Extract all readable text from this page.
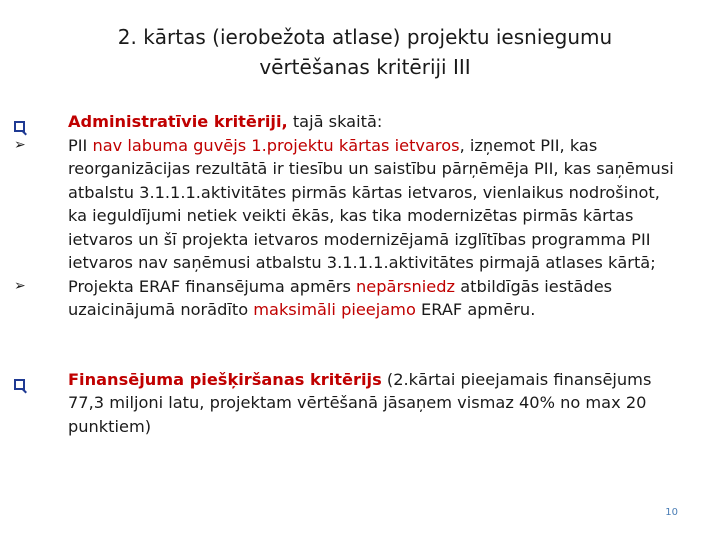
2. kārtas (ierobežota atlase) projektu iesniegumu
vērtēšanas kritēriji III
Administratīvie kritēriji, tajā skaitā:
➢	PII nav labuma guvējs 1.projektu kārtas ietvaros, izņemot PII, kas reorganizācijas rezultātā ir tiesību un saistību pārņēmēja PII, kas saņēmusi atbalstu 3.1.1.1.aktivitātes pirmās kārtas ietvaros, vienlaikus nodrošinot, ka ieguldījumi netiek veikti ēkās, kas tika modernizētas pirmās kārtas ietvaros un šī projekta ietvaros modernizējamā izglītības programma PII ietvaros nav saņēmusi atbalstu 3.1.1.1.aktivitātes pirmajā atlases kārtā;
➢	Projekta ERAF finansējuma apmērs nepārsniedz atbildīgās iestādes uzaicinājumā norādīto maksimāli pieejamo ERAF apmēru.
Finansējuma piešķiršanas kritērijs (2.kārtai pieejamais finansējums 77,3 miljoni latu, projektam vērtēšanā jāsaņem vismaz 40% no max 20 punktiem)
10
